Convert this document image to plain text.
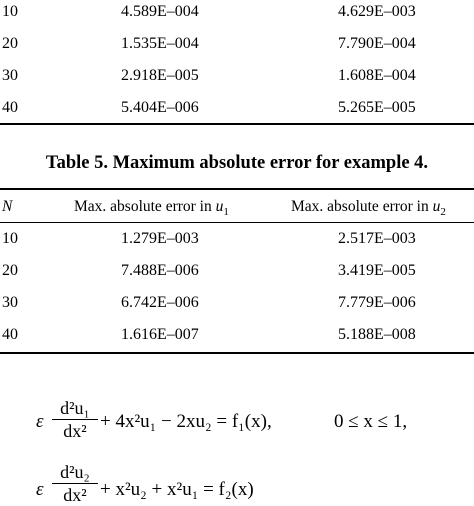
10	4.589E–004	4.629E–003
20	1.535E–004	7.790E–004
30	2.918E–005	1.608E–004
40	5.404E–006	5.265E–005
Table 5. Maximum absolute error for example 4.
N	Max. absolute error in $u_1$	Max. absolute error in $u_2$
10	1.279E–003	2.517E–003
20	7.488E–006	3.419E–005
30	6.742E–006	7.779E–006
40	1.616E–007	5.188E–008
ε
d²u₁
dx² + 4x²u₁ − 2xu₂ = f₁(x),	0 ≤ x ≤ 1,
ε
d²u₂
dx² + x²u₂ + x²u₁ = f₂(x)
